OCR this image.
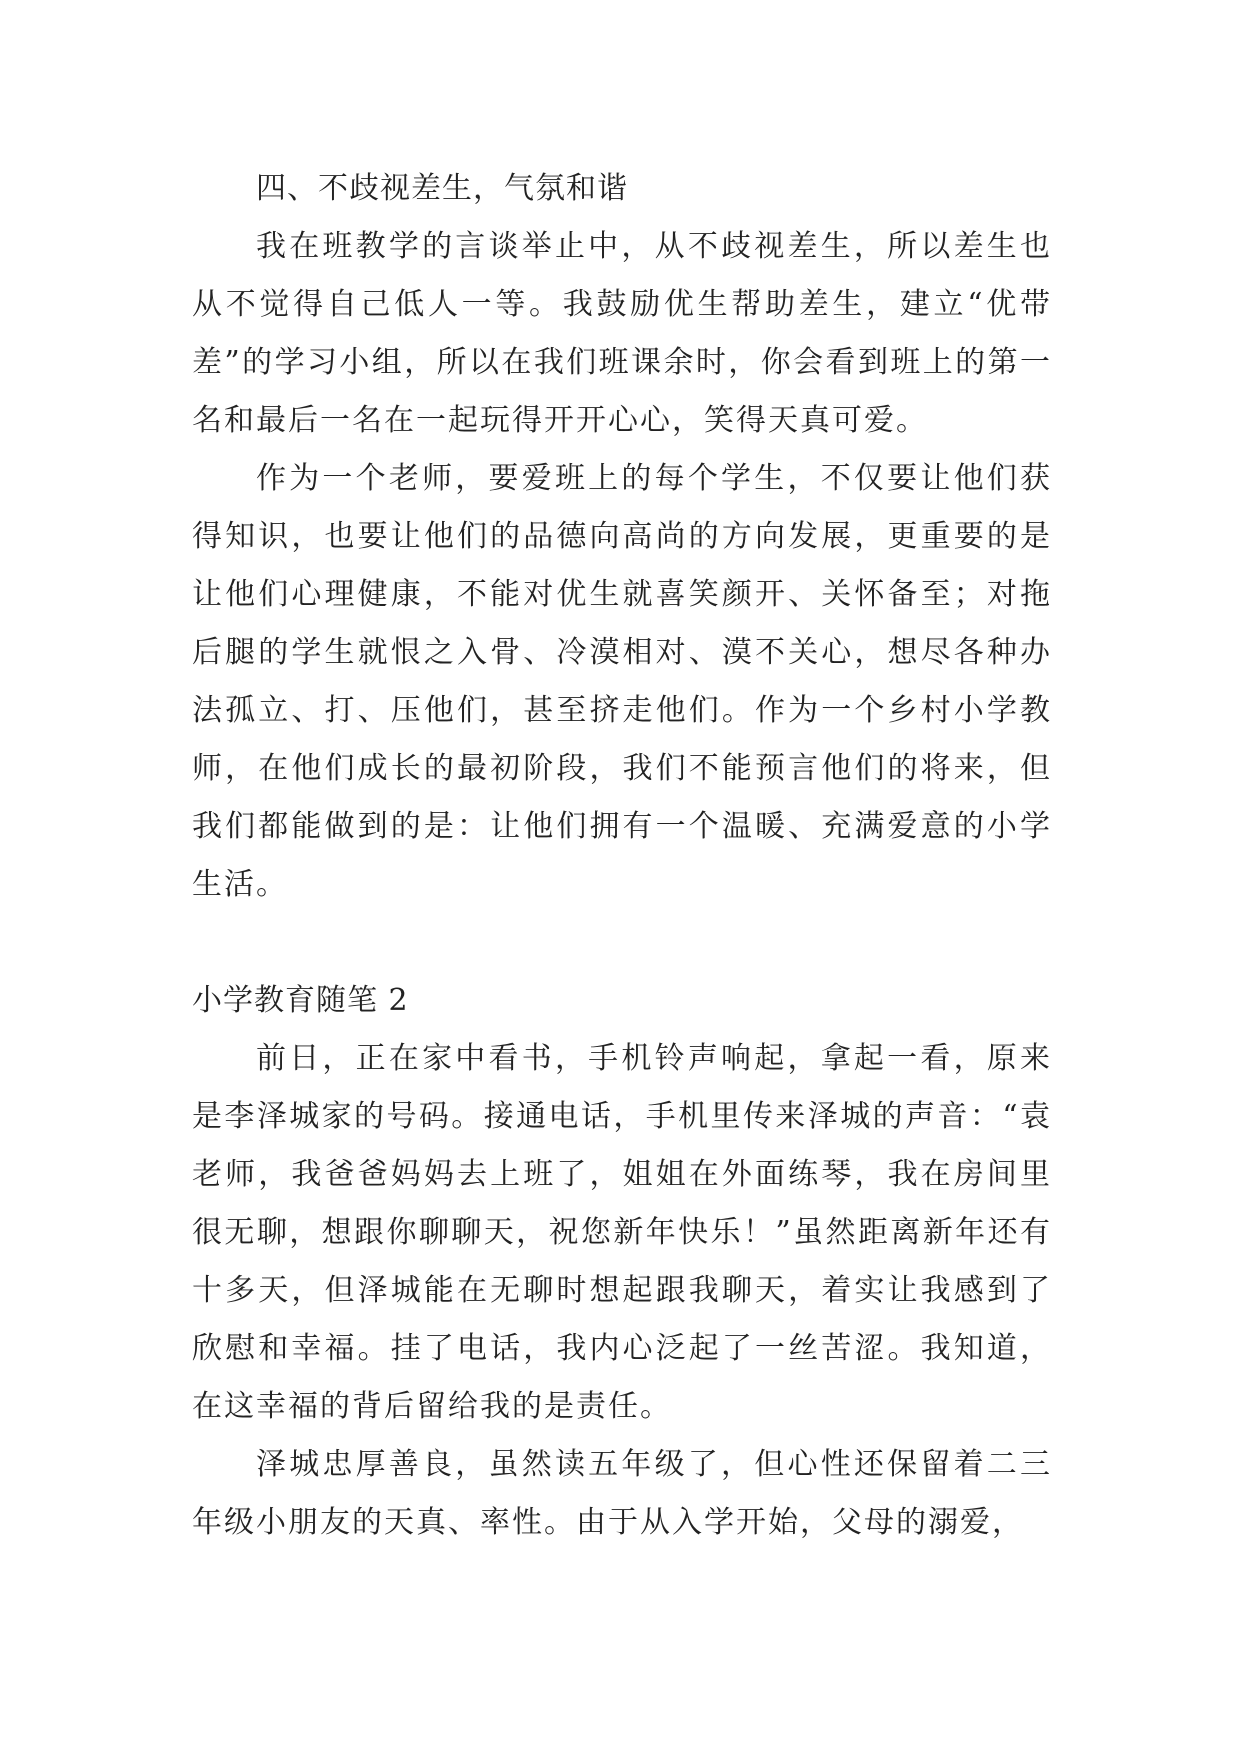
四、不歧视差生，气氛和谐

我在班教学的言谈举止中，从不歧视差生，所以差生也从不觉得自己低人一等。我鼓励优生帮助差生，建立“优带差”的学习小组，所以在我们班课余时，你会看到班上的第一名和最后一名在一起玩得开开心心，笑得天真可爱。

作为一个老师，要爱班上的每个学生，不仅要让他们获得知识，也要让他们的品德向高尚的方向发展，更重要的是让他们心理健康，不能对优生就喜笑颜开、关怀备至；对拖后腿的学生就恨之入骨、冷漠相对、漠不关心，想尽各种办法孤立、打、压他们，甚至挤走他们。作为一个乡村小学教师，在他们成长的最初阶段，我们不能预言他们的将来，但我们都能做到的是：让他们拥有一个温暖、充满爱意的小学生活。

小学教育随笔 2

前日，正在家中看书，手机铃声响起，拿起一看，原来是李泽城家的号码。接通电话，手机里传来泽城的声音：“袁老师，我爸爸妈妈去上班了，姐姐在外面练琴，我在房间里很无聊，想跟你聊聊天，祝您新年快乐！”虽然距离新年还有十多天，但泽城能在无聊时想起跟我聊天，着实让我感到了欣慰和幸福。挂了电话，我内心泛起了一丝苦涩。我知道，在这幸福的背后留给我的是责任。

泽城忠厚善良，虽然读五年级了，但心性还保留着二三年级小朋友的天真、率性。由于从入学开始，父母的溺爱，
